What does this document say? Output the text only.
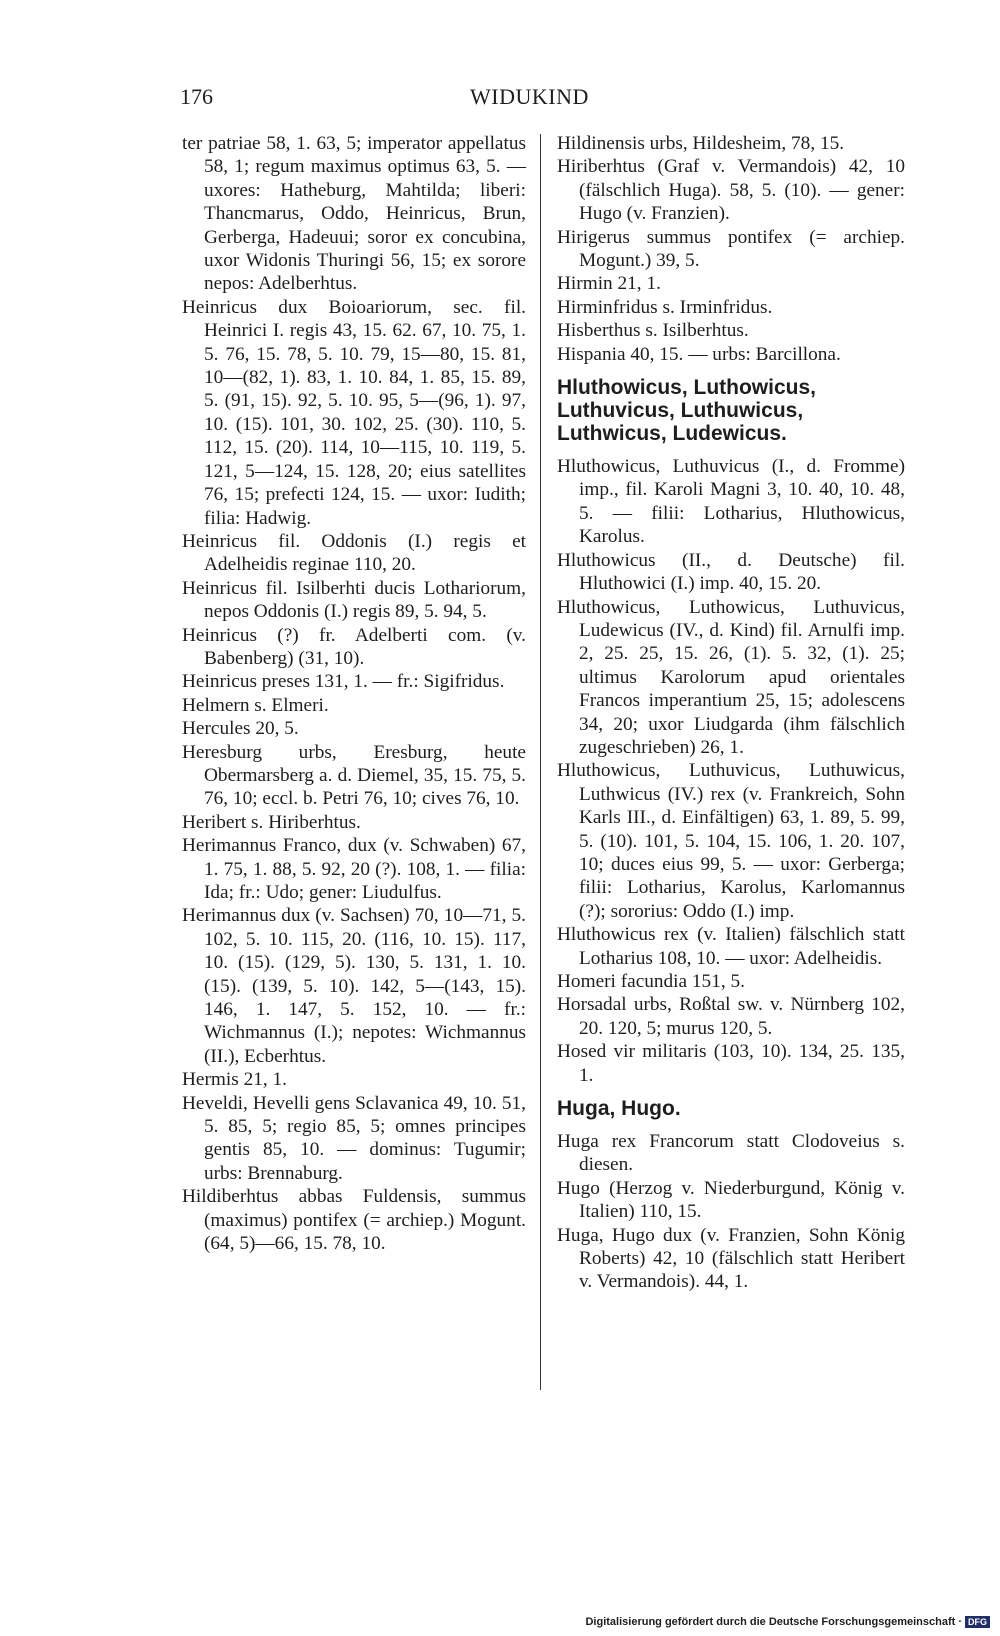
176	WIDUKIND

ter patriae 58, 1. 63, 5; imperator appellatus 58, 1; regum maximus optimus 63, 5. — uxores: Hatheburg, Mahtilda; liberi: Thancmarus, Oddo, Heinricus, Brun, Gerberga, Hadeuui; soror ex concubina, uxor Widonis Thuringi 56, 15; ex sorore nepos: Adelberhtus.

Heinricus dux Boioariorum, sec. fil. Heinrici I. regis 43, 15. 62. 67, 10. 75, 1. 5. 76, 15. 78, 5. 10. 79, 15—80, 15. 81, 10—(82, 1). 83, 1. 10. 84, 1. 85, 15. 89, 5. (91, 15). 92, 5. 10. 95, 5—(96, 1). 97, 10. (15). 101, 30. 102, 25. (30). 110, 5. 112, 15. (20). 114, 10—115, 10. 119, 5. 121, 5—124, 15. 128, 20; eius satellites 76, 15; prefecti 124, 15. — uxor: Iudith; filia: Hadwig.

Heinricus fil. Oddonis (I.) regis et Adelheidis reginae 110, 20.

Heinricus fil. Isilberhti ducis Lothariorum, nepos Oddonis (I.) regis 89, 5. 94, 5.

Heinricus (?) fr. Adelberti com. (v. Babenberg) (31, 10).

Heinricus preses 131, 1. — fr.: Sigifridus.

Helmern s. Elmeri.

Hercules 20, 5.

Heresburg urbs, Eresburg, heute Obermarsberg a. d. Diemel, 35, 15. 75, 5. 76, 10; eccl. b. Petri 76, 10; cives 76, 10.

Heribert s. Hiriberhtus.

Herimannus Franco, dux (v. Schwaben) 67, 1. 75, 1. 88, 5. 92, 20 (?). 108, 1. — filia: Ida; fr.: Udo; gener: Liudulfus.

Herimannus dux (v. Sachsen) 70, 10—71, 5. 102, 5. 10. 115, 20. (116, 10. 15). 117, 10. (15). (129, 5). 130, 5. 131, 1. 10. (15). (139, 5. 10). 142, 5—(143, 15). 146, 1. 147, 5. 152, 10. — fr.: Wichmannus (I.); nepotes: Wichmannus (II.), Ecberhtus.

Hermis 21, 1.

Heveldi, Hevelli gens Sclavanica 49, 10. 51, 5. 85, 5; regio 85, 5; omnes principes gentis 85, 10. — dominus: Tugumir; urbs: Brennaburg.

Hildiberhtus abbas Fuldensis, summus (maximus) pontifex (= archiep.) Mogunt. (64, 5)—66, 15. 78, 10.

Hildinensis urbs, Hildesheim, 78, 15.

Hiriberhtus (Graf v. Vermandois) 42, 10 (fälschlich Huga). 58, 5. (10). — gener: Hugo (v. Franzien).

Hirigerus summus pontifex (= archiep. Mogunt.) 39, 5.

Hirmin 21, 1.

Hirminfridus s. Irminfridus.

Hisberthus s. Isilberhtus.

Hispania 40, 15. — urbs: Barcillona.

Hluthowicus, Luthowicus, Luthuvicus, Luthuwicus, Luthwicus, Ludewicus.

Hluthowicus, Luthuvicus (I., d. Fromme) imp., fil. Karoli Magni 3, 10. 40, 10. 48, 5. — filii: Lotharius, Hluthowicus, Karolus.

Hluthowicus (II., d. Deutsche) fil. Hluthowici (I.) imp. 40, 15. 20.

Hluthowicus, Luthowicus, Luthuvicus, Ludewicus (IV., d. Kind) fil. Arnulfi imp. 2, 25. 25, 15. 26, (1). 5. 32, (1). 25; ultimus Karolorum apud orientales Francos imperantium 25, 15; adolescens 34, 20; uxor Liudgarda (ihm fälschlich zugeschrieben) 26, 1.

Hluthowicus, Luthuvicus, Luthuwicus, Luthwicus (IV.) rex (v. Frankreich, Sohn Karls III., d. Einfältigen) 63, 1. 89, 5. 99, 5. (10). 101, 5. 104, 15. 106, 1. 20. 107, 10; duces eius 99, 5. — uxor: Gerberga; filii: Lotharius, Karolus, Karlomannus (?); sororius: Oddo (I.) imp.

Hluthowicus rex (v. Italien) fälschlich statt Lotharius 108, 10. — uxor: Adelheidis.

Homeri facundia 151, 5.

Horsadal urbs, Roßtal sw. v. Nürnberg 102, 20. 120, 5; murus 120, 5.

Hosed vir militaris (103, 10). 134, 25. 135, 1.

Huga, Hugo.

Huga rex Francorum statt Clodoveius s. diesen.

Hugo (Herzog v. Niederburgund, König v. Italien) 110, 15.

Huga, Hugo dux (v. Franzien, Sohn König Roberts) 42, 10 (fälschlich statt Heribert v. Vermandois). 44, 1.

Digitalisierung gefördert durch die Deutsche Forschungsgemeinschaft · DFG
